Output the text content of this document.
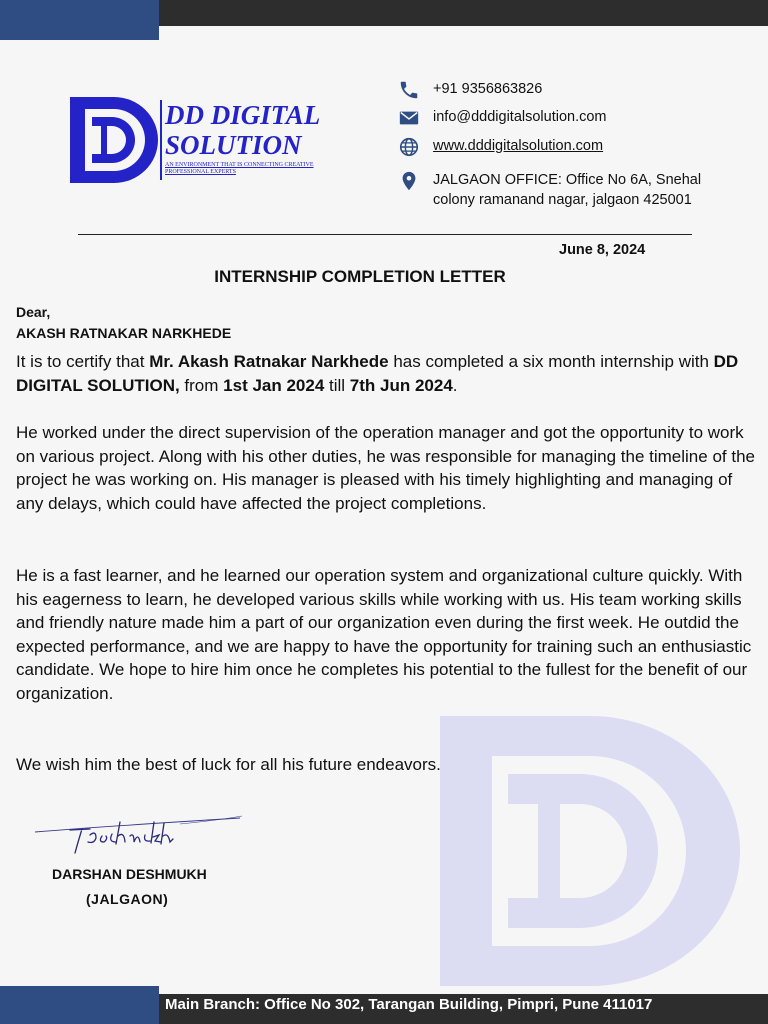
DD DIGITAL
SOLUTION
AN ENVIRONMENT THAT IS CONNECTING CREATIVE PROFESSIONAL EXPERTS
+91 9356863826
info@dddigitalsolution.com
www.dddigitalsolution.com
JALGAON OFFICE: Office No 6A, Snehal colony ramanand nagar, jalgaon 425001
June 8, 2024
INTERNSHIP COMPLETION LETTER
Dear,
AKASH RATNAKAR NARKHEDE

It is to certify that Mr. Akash Ratnakar Narkhede has completed a six month internship with DD DIGITAL SOLUTION, from 1st Jan 2024 till 7th Jun 2024.

He worked under the direct supervision of the operation manager and got the opportunity to work on various project. Along with his other duties, he was responsible for managing the timeline of the project he was working on. His manager is pleased with his timely highlighting and managing of any delays, which could have affected the project completions.

He is a fast learner, and he learned our operation system and organizational culture quickly. With his eagerness to learn, he developed various skills while working with us. His team working skills and friendly nature made him a part of our organization even during the first week. He outdid the expected performance, and we are happy to have the opportunity for training such an enthusiastic candidate. We hope to hire him once he completes his potential to the fullest for the benefit of our organization.

We wish him the best of luck for all his future endeavors.

DARSHAN DESHMUKH
(JALGAON)
Main Branch: Office No 302, Tarangan Building, Pimpri, Pune 411017
